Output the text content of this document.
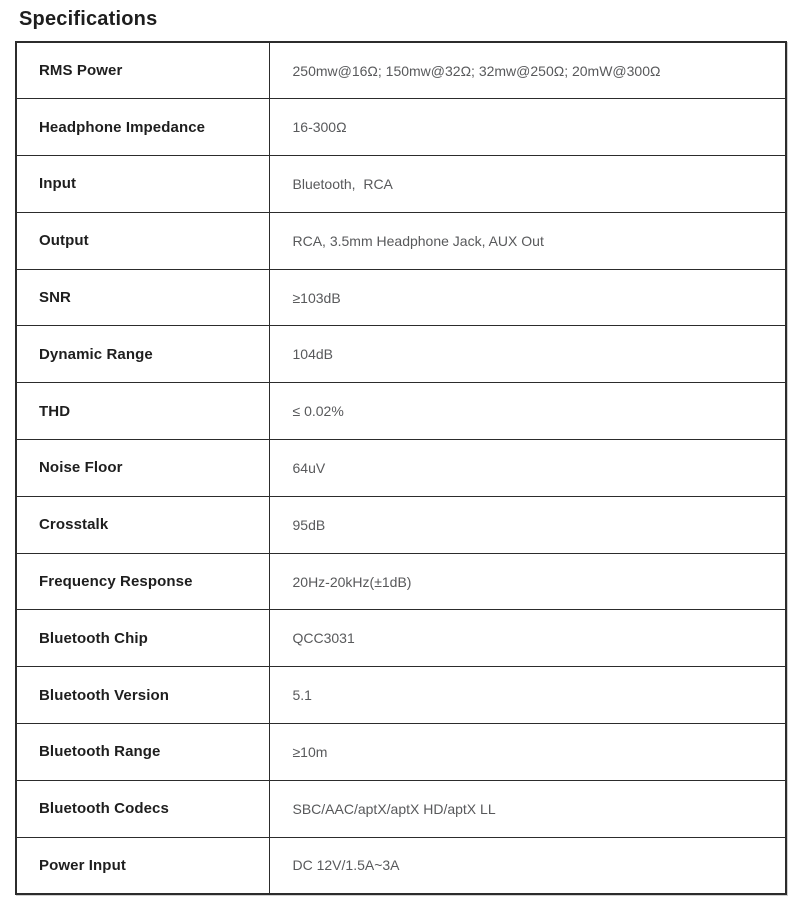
Specifications
RMS Power	250mw@16Ω; 150mw@32Ω; 32mw@250Ω; 20mW@300Ω
Headphone Impedance	16-300Ω
Input	Bluetooth,  RCA
Output	RCA, 3.5mm Headphone Jack, AUX Out
SNR	≥103dB
Dynamic Range	104dB
THD	≤ 0.02%
Noise Floor	64uV
Crosstalk	95dB
Frequency Response	20Hz-20kHz(±1dB)
Bluetooth Chip	QCC3031
Bluetooth Version	5.1
Bluetooth Range	≥10m
Bluetooth Codecs	SBC/AAC/aptX/aptX HD/aptX LL
Power Input	DC 12V/1.5A~3A
